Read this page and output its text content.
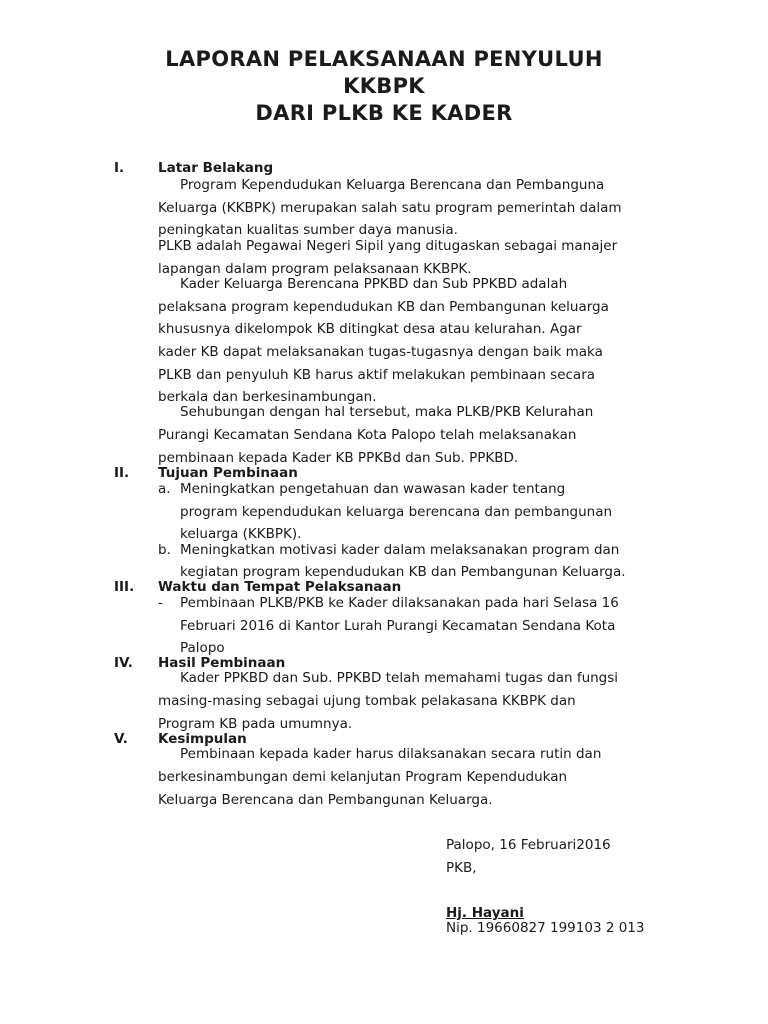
LAPORAN PELAKSANAAN PENYULUH
KKBPK
DARI PLKB KE KADER
I.	Latar Belakang
Program Kependudukan Keluarga Berencana dan Pembanguna
Keluarga (KKBPK) merupakan salah satu program pemerintah dalam
peningkatan kualitas sumber daya manusia.
PLKB adalah Pegawai Negeri Sipil yang ditugaskan sebagai manajer
lapangan dalam program pelaksanaan KKBPK.
Kader Keluarga Berencana PPKBD dan Sub PPKBD adalah
pelaksana program kependudukan KB dan Pembangunan keluarga
khususnya dikelompok KB ditingkat desa atau kelurahan. Agar
kader KB dapat melaksanakan tugas-tugasnya dengan baik maka
PLKB dan penyuluh KB harus aktif melakukan pembinaan secara
berkala dan berkesinambungan.
Sehubungan dengan hal tersebut, maka PLKB/PKB Kelurahan
Purangi Kecamatan Sendana Kota Palopo telah melaksanakan
pembinaan kepada Kader KB PPKBd dan Sub. PPKBD.
II. Tujuan Pembinaan
a. Meningkatkan pengetahuan dan wawasan kader tentang
program kependudukan keluarga berencana dan pembangunan
keluarga (KKBPK).
b. Meningkatkan motivasi kader dalam melaksanakan program dan
kegiatan program kependudukan KB dan Pembangunan Keluarga.
III. Waktu dan Tempat Pelaksanaan
- Pembinaan PLKB/PKB ke Kader dilaksanakan pada hari Selasa 16
Februari 2016 di Kantor Lurah Purangi Kecamatan Sendana Kota
Palopo
IV. Hasil Pembinaan
Kader PPKBD dan Sub. PPKBD telah memahami tugas dan fungsi
masing-masing sebagai ujung tombak pelakasana KKBPK dan
Program KB pada umumnya.
V. Kesimpulan
Pembinaan kepada kader harus dilaksanakan secara rutin dan
berkesinambungan demi kelanjutan Program Kependudukan
Keluarga Berencana dan Pembangunan Keluarga.
Palopo, 16 Februari2016
PKB,
Hj. Hayani
Nip. 19660827 199103 2 013
